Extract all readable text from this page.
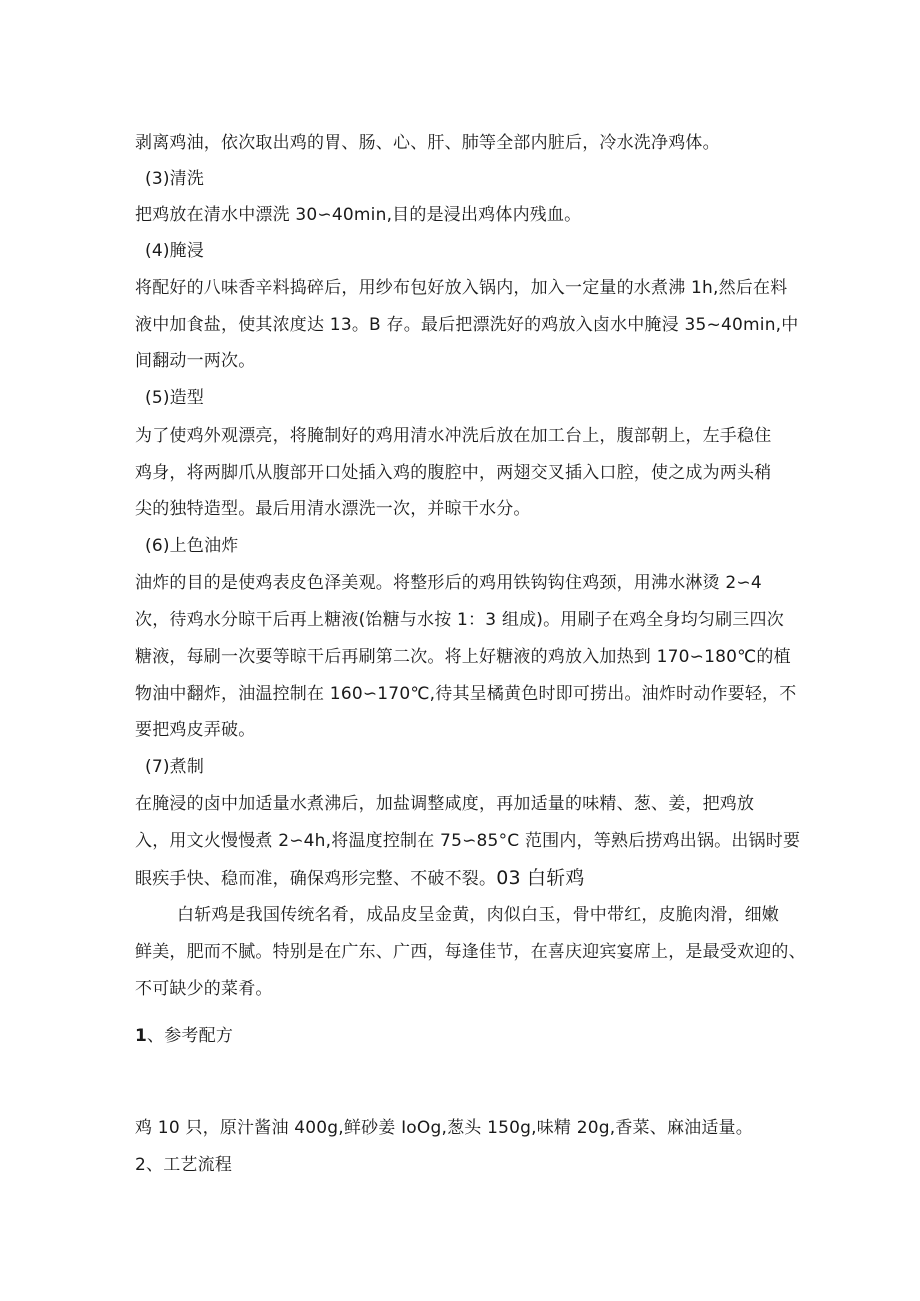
剥离鸡油，依次取出鸡的胃、肠、心、肝、肺等全部内脏后，冷水洗净鸡体。
(3)清洗
把鸡放在清水中漂洗 30∽40min,目的是浸出鸡体内残血。
(4)腌浸
将配好的八味香辛料捣碎后，用纱布包好放入锅内，加入一定量的水煮沸 1h,然后在料
液中加食盐，使其浓度达 13。B 存。最后把漂洗好的鸡放入卤水中腌浸 35~40min,中
间翻动一两次。
(5)造型
为了使鸡外观漂亮，将腌制好的鸡用清水冲洗后放在加工台上，腹部朝上，左手稳住
鸡身，将两脚爪从腹部开口处插入鸡的腹腔中，两翅交叉插入口腔，使之成为两头稍
尖的独特造型。最后用清水漂洗一次，并晾干水分。
(6)上色油炸
油炸的目的是使鸡表皮色泽美观。将整形后的鸡用铁钩钩住鸡颈，用沸水淋烫 2∽4
次，待鸡水分晾干后再上糖液(饴糖与水按 1：3 组成)。用刷子在鸡全身均匀刷三四次
糖液，每刷一次要等晾干后再刷第二次。将上好糖液的鸡放入加热到 170∽180℃的植
物油中翻炸，油温控制在 160∽170℃,待其呈橘黄色时即可捞出。油炸时动作要轻，不
要把鸡皮弄破。
(7)煮制
在腌浸的卤中加适量水煮沸后，加盐调整咸度，再加适量的味精、葱、姜，把鸡放
入，用文火慢慢煮 2∽4h,将温度控制在 75∽85°C 范围内，等熟后捞鸡出锅。出锅时要
眼疾手快、稳而准，确保鸡形完整、不破不裂。03 白斩鸡
白斩鸡是我国传统名肴，成品皮呈金黄，肉似白玉，骨中带红，皮脆肉滑，细嫩
鲜美，肥而不腻。特别是在广东、广西，每逢佳节，在喜庆迎宾宴席上，是最受欢迎的、
不可缺少的菜肴。
1、参考配方
鸡 10 只，原汁酱油 400g,鲜砂姜 IoOg,葱头 150g,味精 20g,香菜、麻油适量。
2、工艺流程
